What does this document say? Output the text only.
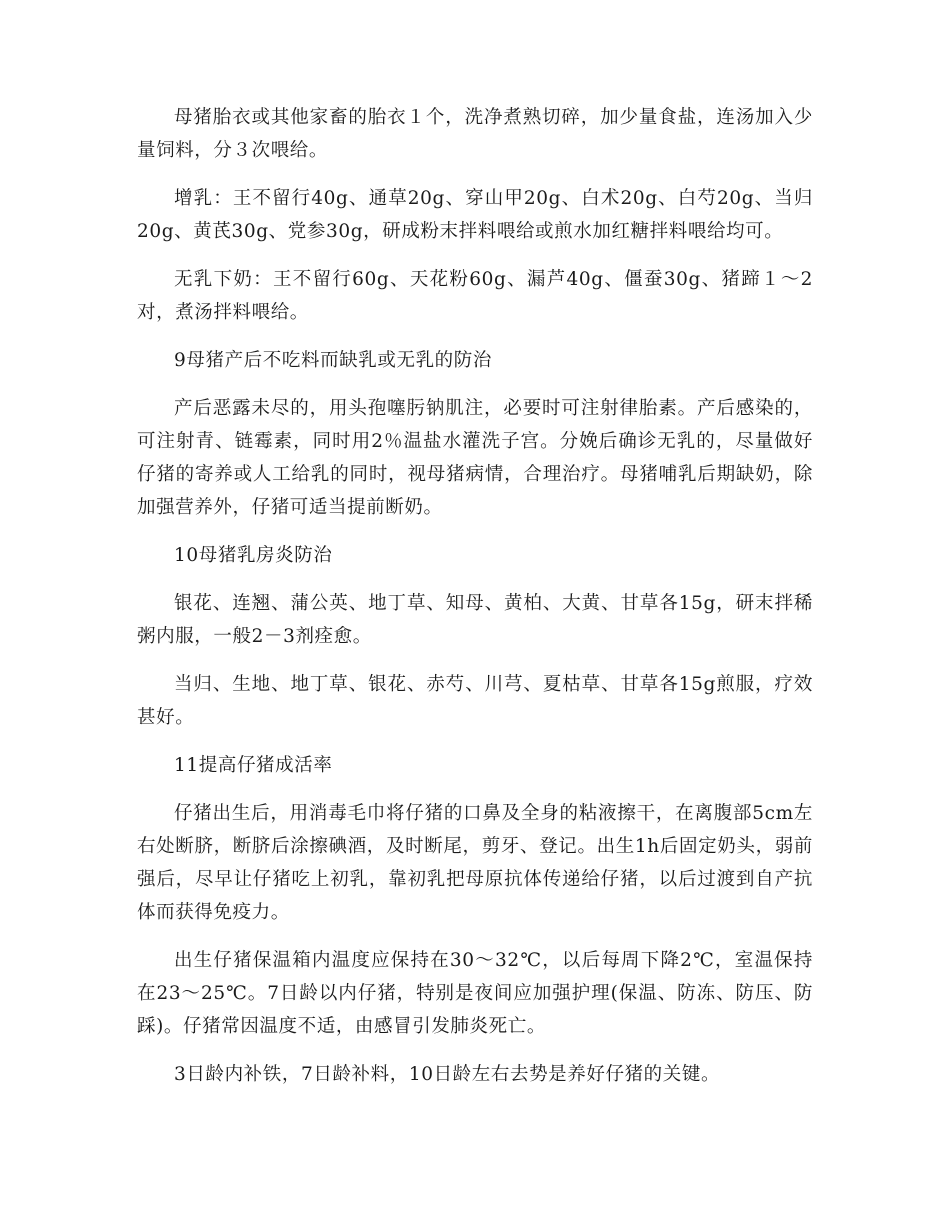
母猪胎衣或其他家畜的胎衣１个，洗净煮熟切碎，加少量食盐，连汤加入少量饲料，分３次喂给。

增乳：王不留行40g、通草20g、穿山甲20g、白术20g、白芍20g、当归20g、黄芪30g、党参30g，研成粉末拌料喂给或煎水加红糖拌料喂给均可。

无乳下奶：王不留行60g、天花粉60g、漏芦40g、僵蚕30g、猪蹄１～2对，煮汤拌料喂给。

9母猪产后不吃料而缺乳或无乳的防治

产后恶露未尽的，用头孢噻肟钠肌注，必要时可注射律胎素。产后感染的，可注射青、链霉素，同时用2％温盐水灌洗子宫。分娩后确诊无乳的，尽量做好仔猪的寄养或人工给乳的同时，视母猪病情，合理治疗。母猪哺乳后期缺奶，除加强营养外，仔猪可适当提前断奶。

10母猪乳房炎防治

银花、连翘、蒲公英、地丁草、知母、黄柏、大黄、甘草各15g，研末拌稀粥内服，一般2－3剂痊愈。

当归、生地、地丁草、银花、赤芍、川芎、夏枯草、甘草各15g煎服，疗效甚好。

11提高仔猪成活率

仔猪出生后，用消毒毛巾将仔猪的口鼻及全身的粘液擦干，在离腹部5cm左右处断脐，断脐后涂擦碘酒，及时断尾，剪牙、登记。出生1h后固定奶头，弱前强后，尽早让仔猪吃上初乳，靠初乳把母原抗体传递给仔猪，以后过渡到自产抗体而获得免疫力。

出生仔猪保温箱内温度应保持在30～32℃，以后每周下降2℃，室温保持在23～25℃。7日龄以内仔猪，特别是夜间应加强护理(保温、防冻、防压、防踩)。仔猪常因温度不适，由感冒引发肺炎死亡。

3日龄内补铁，7日龄补料，10日龄左右去势是养好仔猪的关键。
